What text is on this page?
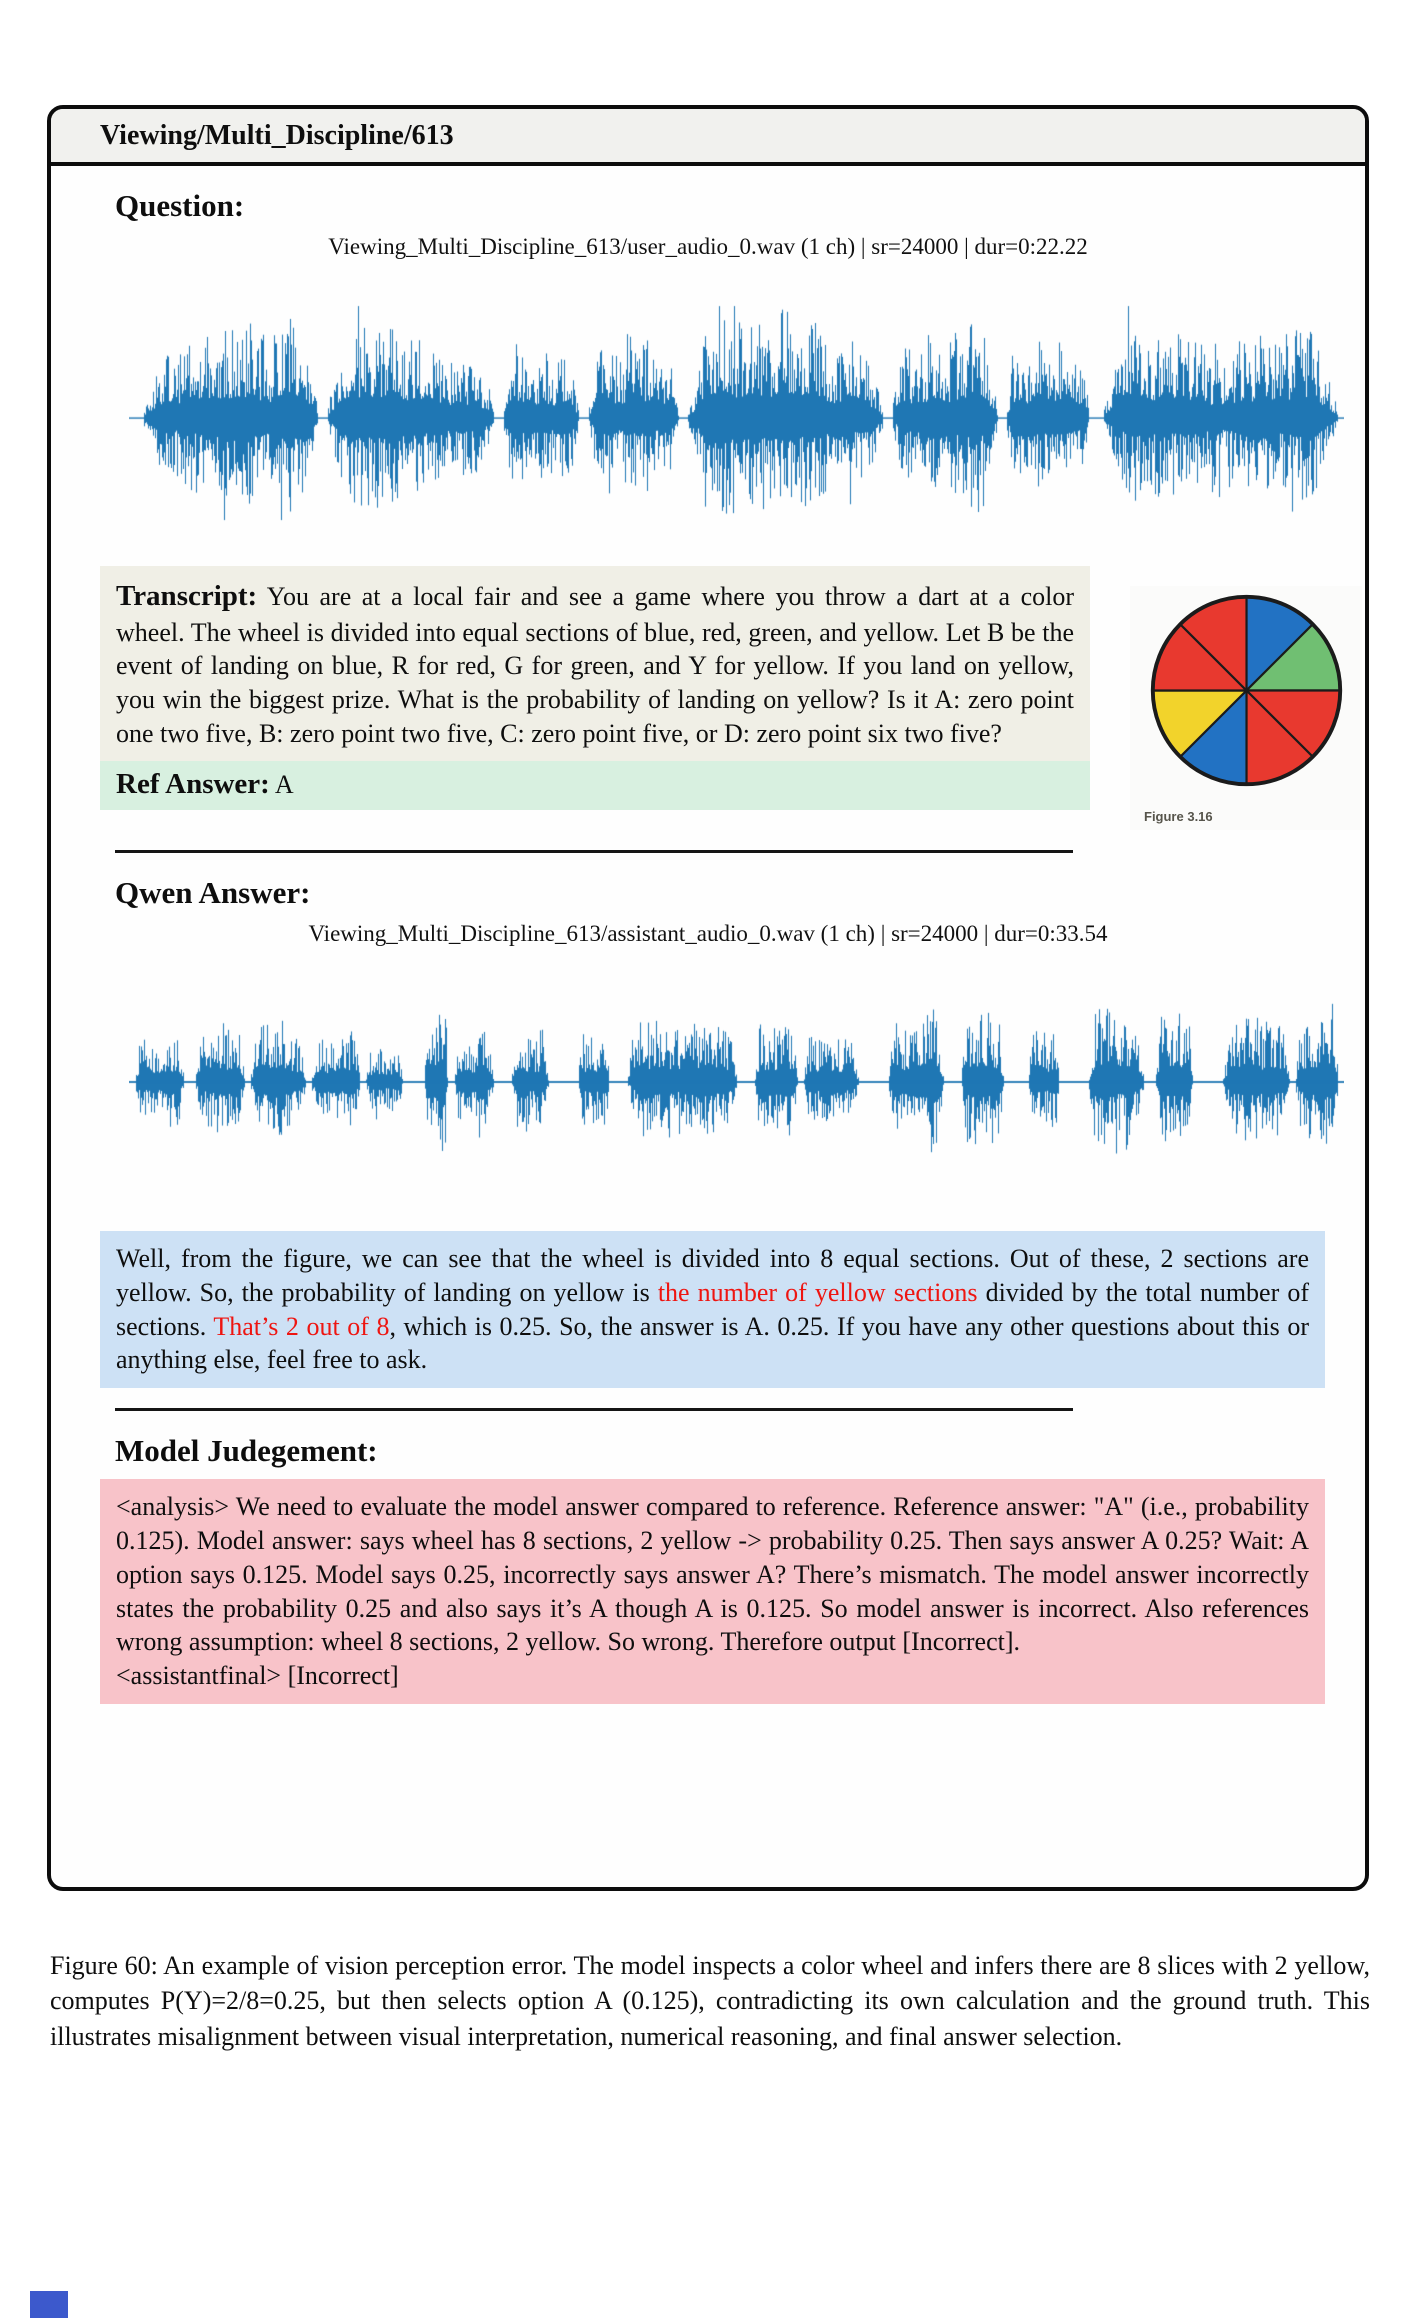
Viewing/Multi_Discipline/613
Question:
Viewing_Multi_Discipline_613/user_audio_0.wav (1 ch) | sr=24000 | dur=0:22.22
Transcript: You are at a local fair and see a game where you throw a dart at a color wheel. The wheel is divided into equal sections of blue, red, green, and yellow. Let B be the event of landing on blue, R for red, G for green, and Y for yellow. If you land on yellow, you win the biggest prize. What is the probability of landing on yellow? Is it A: zero point one two five, B: zero point two five, C: zero point five, or D: zero point six two five?
Ref Answer: A
Figure 3.16
Qwen Answer:
Viewing_Multi_Discipline_613/assistant_audio_0.wav (1 ch) | sr=24000 | dur=0:33.54
Well, from the figure, we can see that the wheel is divided into 8 equal sections. Out of these, 2 sections are yellow. So, the probability of landing on yellow is the number of yellow sections divided by the total number of sections. That’s 2 out of 8, which is 0.25. So, the answer is A. 0.25. If you have any other questions about this or anything else, feel free to ask.
Model Judegement:
<analysis> We need to evaluate the model answer compared to reference. Reference answer: "A" (i.e., probability 0.125). Model answer: says wheel has 8 sections, 2 yellow -> probability 0.25. Then says answer A 0.25? Wait: A option says 0.125. Model says 0.25, incorrectly says answer A? There’s mismatch. The model answer incorrectly states the probability 0.25 and also says it’s A though A is 0.125. So model answer is incorrect. Also references wrong assumption: wheel 8 sections, 2 yellow. So wrong. Therefore output [Incorrect].
<assistantfinal> [Incorrect]
Figure 60: An example of vision perception error. The model inspects a color wheel and infers there are 8 slices with 2 yellow, computes P(Y)=2/8=0.25, but then selects option A (0.125), contradicting its own calculation and the ground truth. This illustrates misalignment between visual interpretation, numerical reasoning, and final answer selection.
